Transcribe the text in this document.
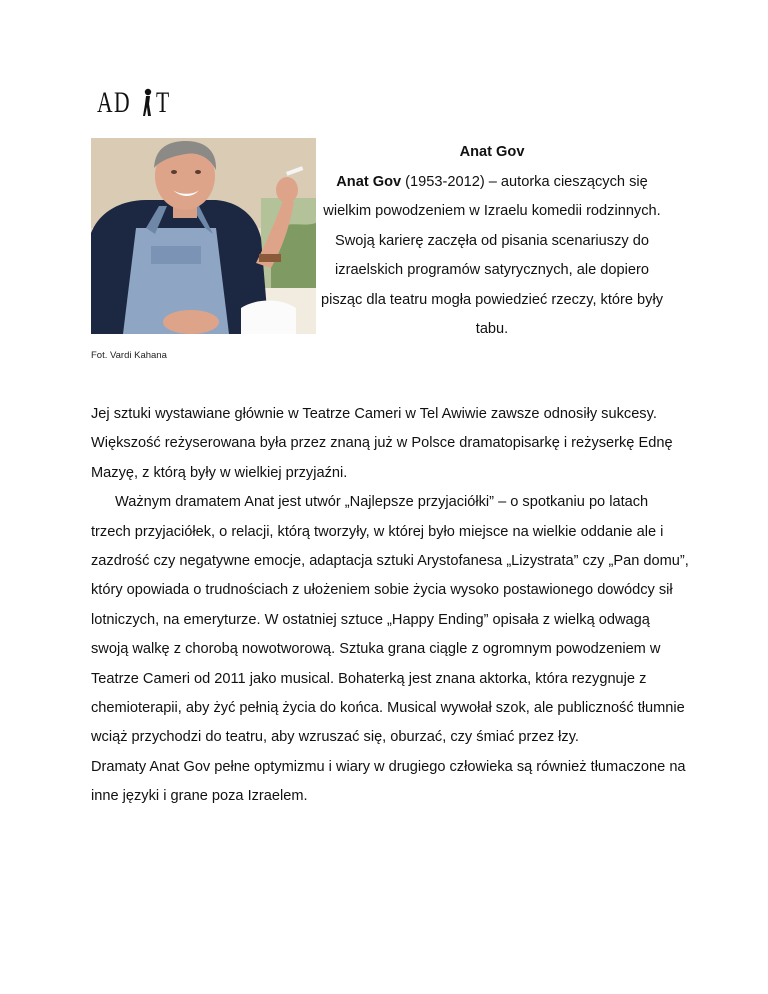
AD T
Fot. Vardi Kahana

Anat Gov

Anat Gov (1953-2012) – autorka cieszących się wielkim powodzeniem w Izraelu komedii rodzinnych. Swoją karierę zaczęła od pisania scenariuszy do izraelskich programów satyrycznych, ale dopiero pisząc dla teatru mogła powiedzieć rzeczy, które były tabu.

Jej sztuki wystawiane głównie w Teatrze Cameri w Tel Awiwie zawsze odnosiły sukcesy. Większość reżyserowana była przez znaną już w Polsce dramatopisarkę i reżyserkę Ednę Mazyę, z którą były w wielkiej przyjaźni.

Ważnym dramatem Anat jest utwór „Najlepsze przyjaciółki” – o spotkaniu po latach trzech przyjaciółek, o relacji, którą tworzyły, w której było miejsce na wielkie oddanie ale i zazdrość czy negatywne emocje, adaptacja sztuki Arystofanesa „Lizystrata” czy „Pan domu”, który opowiada o trudnościach z ułożeniem sobie życia wysoko postawionego dowódcy sił lotniczych, na emeryturze. W ostatniej sztuce „Happy Ending” opisała z wielką odwagą swoją walkę z chorobą nowotworową. Sztuka grana ciągle z ogromnym powodzeniem w Teatrze Cameri od 2011 jako musical. Bohaterką jest znana aktorka, która rezygnuje z chemioterapii, aby żyć pełnią życia do końca. Musical wywołał szok, ale publiczność tłumnie wciąż przychodzi do teatru, aby wzruszać się, oburzać, czy śmiać przez łzy.

Dramaty Anat Gov pełne optymizmu i wiary w drugiego człowieka są również tłumaczone na inne języki i grane poza Izraelem.
